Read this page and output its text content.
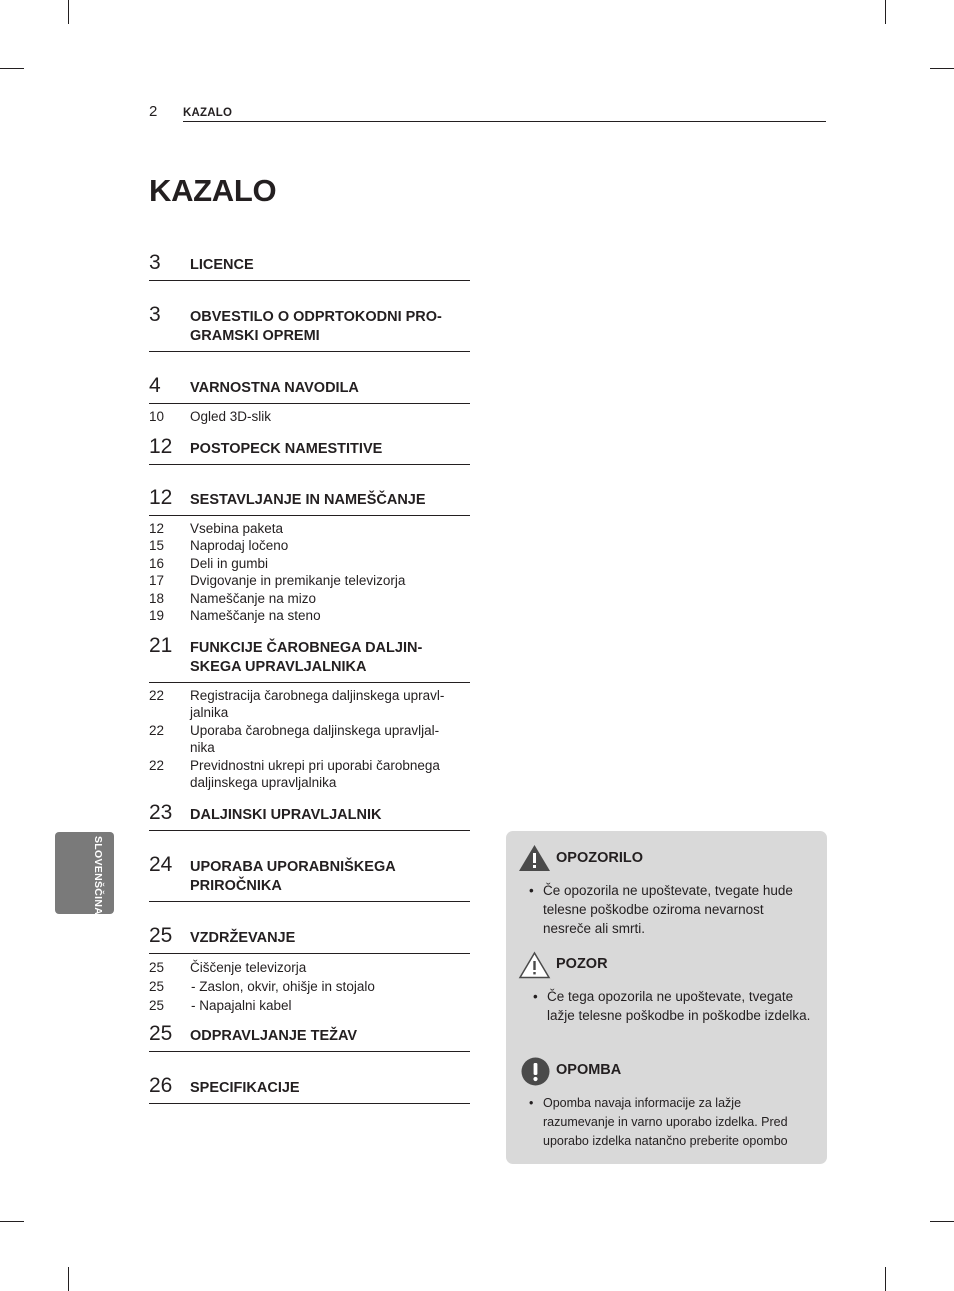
2 KAZALO
KAZALO
3 LICENCE
3 OBVESTILO O ODPRTOKODNI PRO-GRAMSKI OPREMI
4 VARNOSTNA NAVODILA
10 Ogled 3D-slik
12 POSTOPECK NAMESTITIVE
12 SESTAVLJANJE IN NAMEŠČANJE
12 Vsebina paketa
15 Naprodaj ločeno
16 Deli in gumbi
17 Dvigovanje in premikanje televizorja
18 Nameščanje na mizo
19 Nameščanje na steno
21 FUNKCIJE ČAROBNEGA DALJIN-SKEGA UPRAVLJALNIKA
22 Registracija čarobnega daljinskega upravl-jalnika
22 Uporaba čarobnega daljinskega upravljal-nika
22 Previdnostni ukrepi pri uporabi čarobnega daljinskega upravljalnika
23 DALJINSKI UPRAVLJALNIK
24 UPORABA UPORABNIŠKEGA PRIROČNIKA
25 VZDRŽEVANJE
25 Čiščenje televizorja
25	- Zaslon, okvir, ohišje in stojalo
25	- Napajalni kabel
25 ODPRAVLJANJE TEŽAV
26 SPECIFIKACIJE
SLOVENŠČINA	OPOZORILO
• Če opozorila ne upoštevate, tvegate hude telesne poškodbe oziroma nevarnost nesreče ali smrti.
POZOR
• Če tega opozorila ne upoštevate, tvegate lažje telesne poškodbe in poškodbe izdelka.
OPOMBA
• Opomba navaja informacije za lažje razumevanje in varno uporabo izdelka. Pred uporabo izdelka natančno preberite opombo
